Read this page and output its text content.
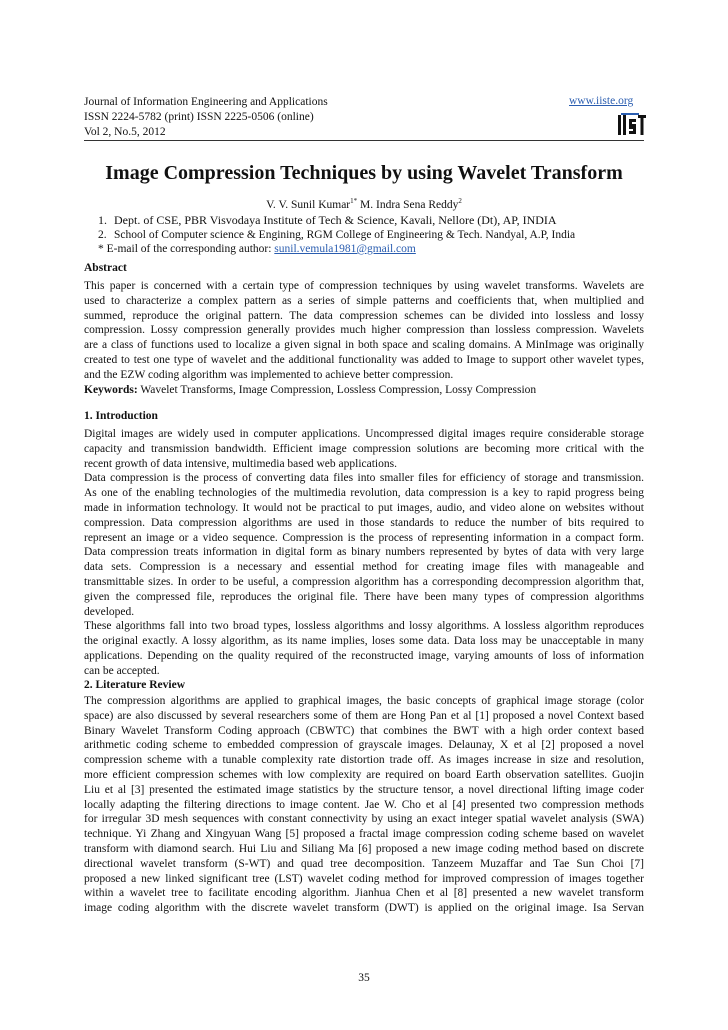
Journal of Information Engineering and Applications
ISSN 2224-5782 (print) ISSN 2225-0506 (online)
Vol 2, No.5, 2012
www.iiste.org
Image Compression Techniques by using Wavelet Transform
V. V. Sunil Kumar$^{1*}$ M. Indra Sena Reddy$^2$
1. Dept. of CSE, PBR Visvodaya Institute of Tech & Science, Kavali, Nellore (Dt), AP, INDIA
2. School of Computer science & Engining, RGM College of Engineering & Tech. Nandyal, A.P, India
* E-mail of the corresponding author: sunil.vemula1981@gmail.com
Abstract
This paper is concerned with a certain type of compression techniques by using wavelet transforms. Wavelets are
used to characterize a complex pattern as a series of simple patterns and coefficients that, when multiplied and
summed, reproduce the original pattern. The data compression schemes can be divided into lossless and lossy
compression. Lossy compression generally provides much higher compression than lossless compression. Wavelets
are a class of functions used to localize a given signal in both space and scaling domains. A MinImage was originally
created to test one type of wavelet and the additional functionality was added to Image to support other wavelet types,
and the EZW coding algorithm was implemented to achieve better compression.
Keywords: Wavelet Transforms, Image Compression, Lossless Compression, Lossy Compression
1. Introduction
Digital images are widely used in computer applications. Uncompressed digital images require considerable storage
capacity and transmission bandwidth. Efficient image compression solutions are becoming more critical with the
recent growth of data intensive, multimedia based web applications.
Data compression is the process of converting data files into smaller files for efficiency of storage and transmission.
As one of the enabling technologies of the multimedia revolution, data compression is a key to rapid progress being
made in information technology. It would not be practical to put images, audio, and video alone on websites without
compression. Data compression algorithms are used in those standards to reduce the number of bits required to
represent an image or a video sequence. Compression is the process of representing information in a compact form.
Data compression treats information in digital form as binary numbers represented by bytes of data with very large
data sets. Compression is a necessary and essential method for creating image files with manageable and
transmittable sizes. In order to be useful, a compression algorithm has a corresponding decompression algorithm that,
given the compressed file, reproduces the original file. There have been many types of compression algorithms
developed.
These algorithms fall into two broad types, lossless algorithms and lossy algorithms. A lossless algorithm reproduces
the original exactly. A lossy algorithm, as its name implies, loses some data. Data loss may be unacceptable in many
applications. Depending on the quality required of the reconstructed image, varying amounts of loss of information
can be accepted.
2. Literature Review
The compression algorithms are applied to graphical images, the basic concepts of graphical image storage (color
space) are also discussed by several researchers some of them are Hong Pan et al [1] proposed a novel Context based
Binary Wavelet Transform Coding approach (CBWTC) that combines the BWT with a high order context based
arithmetic coding scheme to embedded compression of grayscale images. Delaunay, X et al [2] proposed a novel
compression scheme with a tunable complexity rate distortion trade off. As images increase in size and resolution,
more efficient compression schemes with low complexity are required on board Earth observation satellites. Guojin
Liu et al [3] presented the estimated image statistics by the structure tensor, a novel directional lifting image coder
locally adapting the filtering directions to image content. Jae W. Cho et al [4] presented two compression methods
for irregular 3D mesh sequences with constant connectivity by using an exact integer spatial wavelet analysis (SWA)
technique. Yi Zhang and Xingyuan Wang [5] proposed a fractal image compression coding scheme based on wavelet
transform with diamond search. Hui Liu and Siliang Ma [6] proposed a new image coding method based on discrete
directional wavelet transform (S-WT) and quad tree decomposition. Tanzeem Muzaffar and Tae Sun Choi [7]
proposed a new linked significant tree (LST) wavelet coding method for improved compression of images together
within a wavelet tree to facilitate encoding algorithm. Jianhua Chen et al [8] presented a new wavelet transform
image coding algorithm with the discrete wavelet transform (DWT) is applied on the original image. Isa Servan
35
